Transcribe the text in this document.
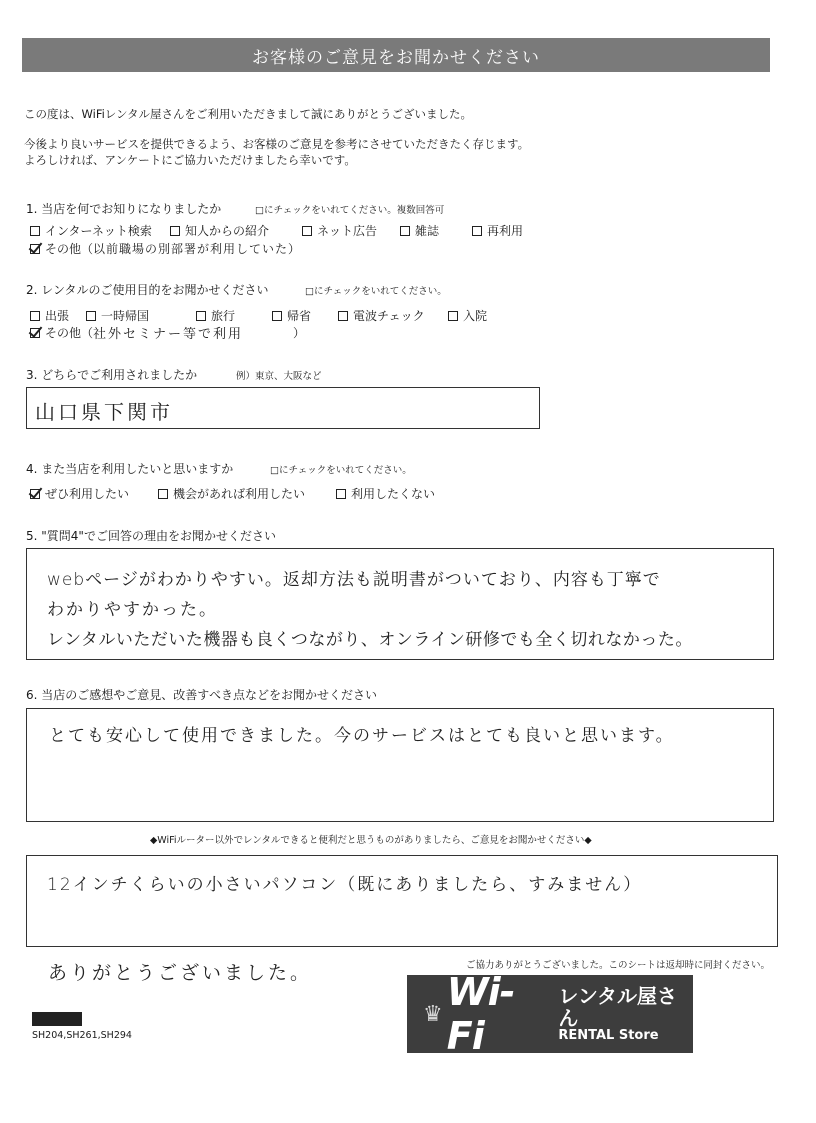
お客様のご意見をお聞かせください
この度は、WiFiレンタル屋さんをご利用いただきまして誠にありがとうございました。
今後より良いサービスを提供できるよう、お客様のご意見を参考にさせていただきたく存じます。
よろしければ、アンケートにご協力いただけましたら幸いです。
1. 当店を何でお知りになりましたか	□にチェックをいれてください。複数回答可
インターネット検索	知人からの紹介	ネット広告	雑誌	再利用
その他（ 以前職場の別部署が利用していた ）
2. レンタルのご使用目的をお聞かせください	□にチェックをいれてください。
出張	一時帰国	旅行	帰省	電波チェック	入院
その他（ 社外セミナー等で利用	）
3. どちらでご利用されましたか	例）東京、大阪など
山口県下関市
4. また当店を利用したいと思いますか	□にチェックをいれてください。
ぜひ利用したい	機会があれば利用したい	利用したくない
5. "質問4"でご回答の理由をお聞かせください
webページがわかりやすい。返却方法も説明書がついており、内容も丁寧で
わかりやすかった。
レンタルいただいた機器も良くつながり、オンライン研修でも全く切れなかった。
6. 当店のご感想やご意見、改善すべき点などをお聞かせください
とても安心して使用できました。今のサービスはとても良いと思います。
◆WiFiルーター以外でレンタルできると便利だと思うものがありましたら、ご意見をお聞かせください◆
12インチくらいの小さいパソコン（既にありましたら、すみません）
ありがとうございました。	ご協力ありがとうございました。このシートは返却時に同封ください。
♛ Wi-Fi
レンタル屋さん
RENTAL Store
SH204,SH261,SH294
